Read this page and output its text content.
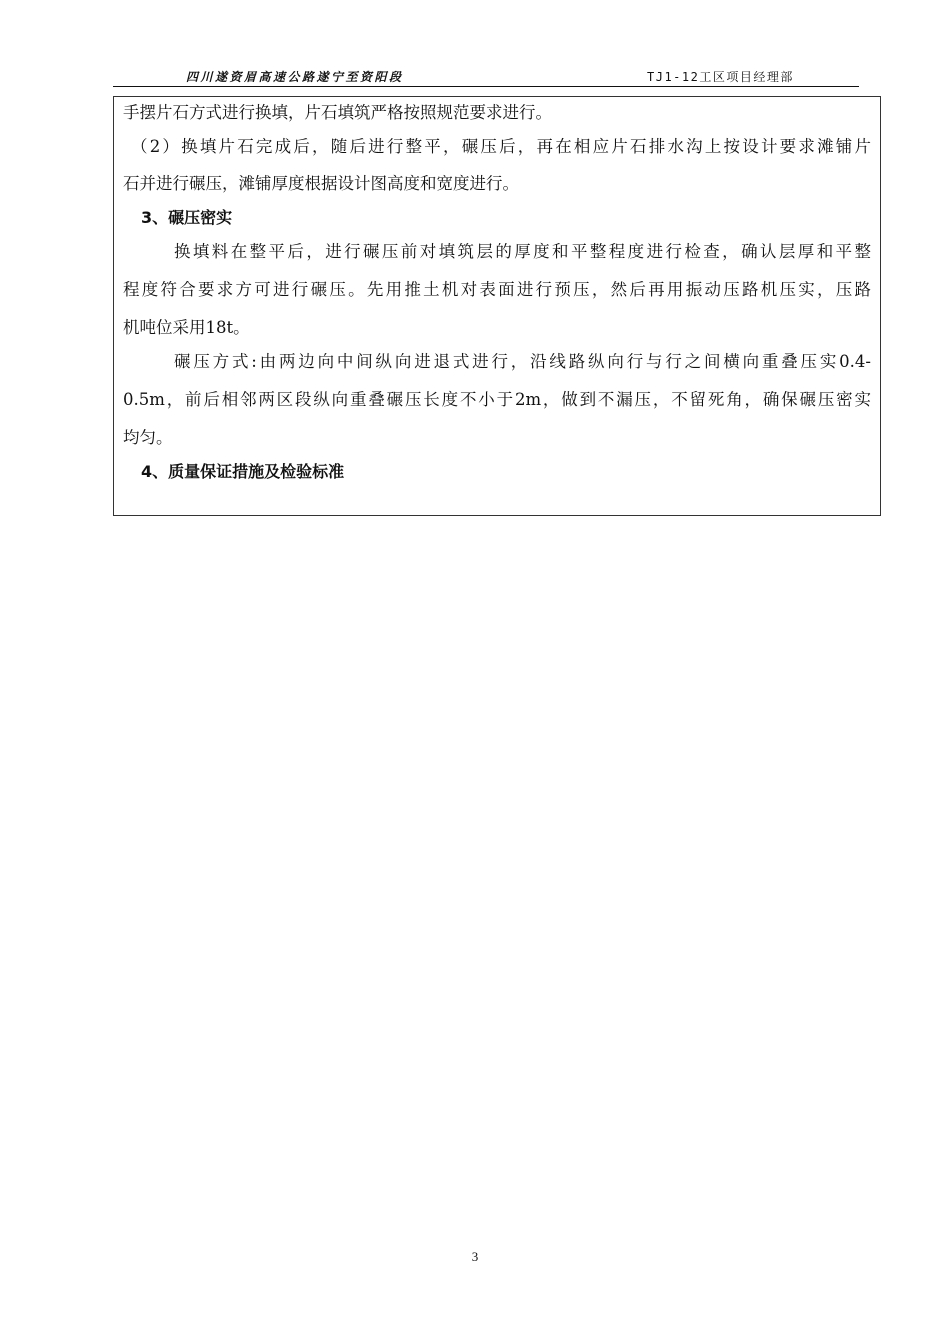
四川遂资眉高速公路遂宁至资阳段	TJ1-12工区项目经理部
手摆片石方式进行换填，片石填筑严格按照规范要求进行。
（2）换填片石完成后，随后进行整平，碾压后，再在相应片石排水沟上按设计要求滩铺片
石并进行碾压，滩铺厚度根据设计图高度和宽度进行。
3、碾压密实
换填料在整平后，进行碾压前对填筑层的厚度和平整程度进行检查，确认层厚和平整
程度符合要求方可进行碾压。先用推土机对表面进行预压，然后再用振动压路机压实，压路
机吨位采用18t。
碾压方式:由两边向中间纵向进退式进行，沿线路纵向行与行之间横向重叠压实0.4-
0.5m，前后相邻两区段纵向重叠碾压长度不小于2m，做到不漏压，不留死角，确保碾压密实
均匀。
4、质量保证措施及检验标准
3
